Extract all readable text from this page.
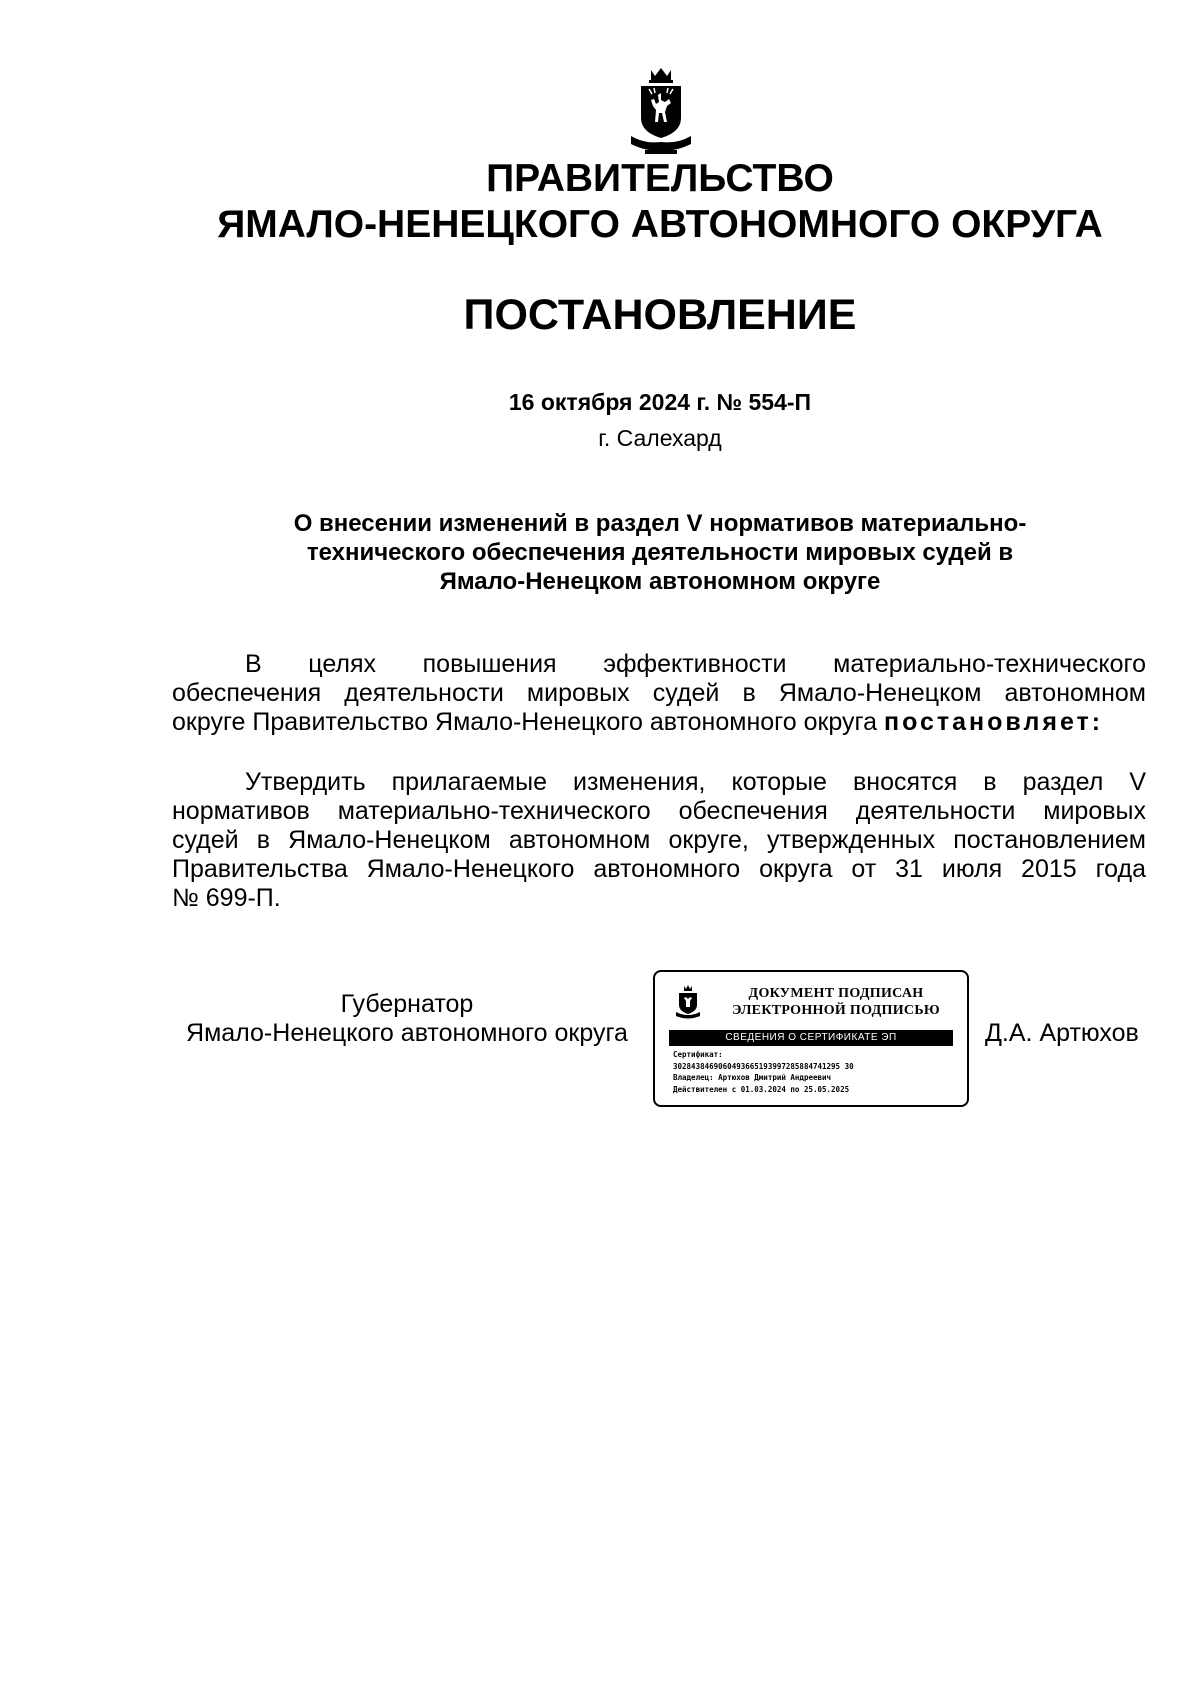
ПРАВИТЕЛЬСТВО
ЯМАЛО-НЕНЕЦКОГО АВТОНОМНОГО ОКРУГА
ПОСТАНОВЛЕНИЕ
16 октября 2024 г. № 554-П
г. Салехард
О внесении изменений в раздел V нормативов материально-
технического обеспечения деятельности мировых судей в
Ямало-Ненецком автономном округе
В целях повышения эффективности материально-технического
обеспечения деятельности мировых судей в Ямало-Ненецком автономном
округе Правительство Ямало-Ненецкого автономного округа постановляет:
Утвердить прилагаемые изменения, которые вносятся в раздел V
нормативов материально-технического обеспечения деятельности мировых
судей в Ямало-Ненецком автономном округе, утвержденных постановлением
Правительства Ямало-Ненецкого автономного округа от 31 июля 2015 года
№ 699-П.
Губернатор
Ямало-Ненецкого автономного округа
ДОКУМЕНТ ПОДПИСАН
ЭЛЕКТРОННОЙ ПОДПИСЬЮ
СВЕДЕНИЯ О СЕРТИФИКАТЕ ЭП
Сертификат:
3028438469060493665193997285884741295 30
Владелец: Артюхов Дмитрий Андреевич
Действителен с 01.03.2024 по 25.05.2025
Д.А. Артюхов
